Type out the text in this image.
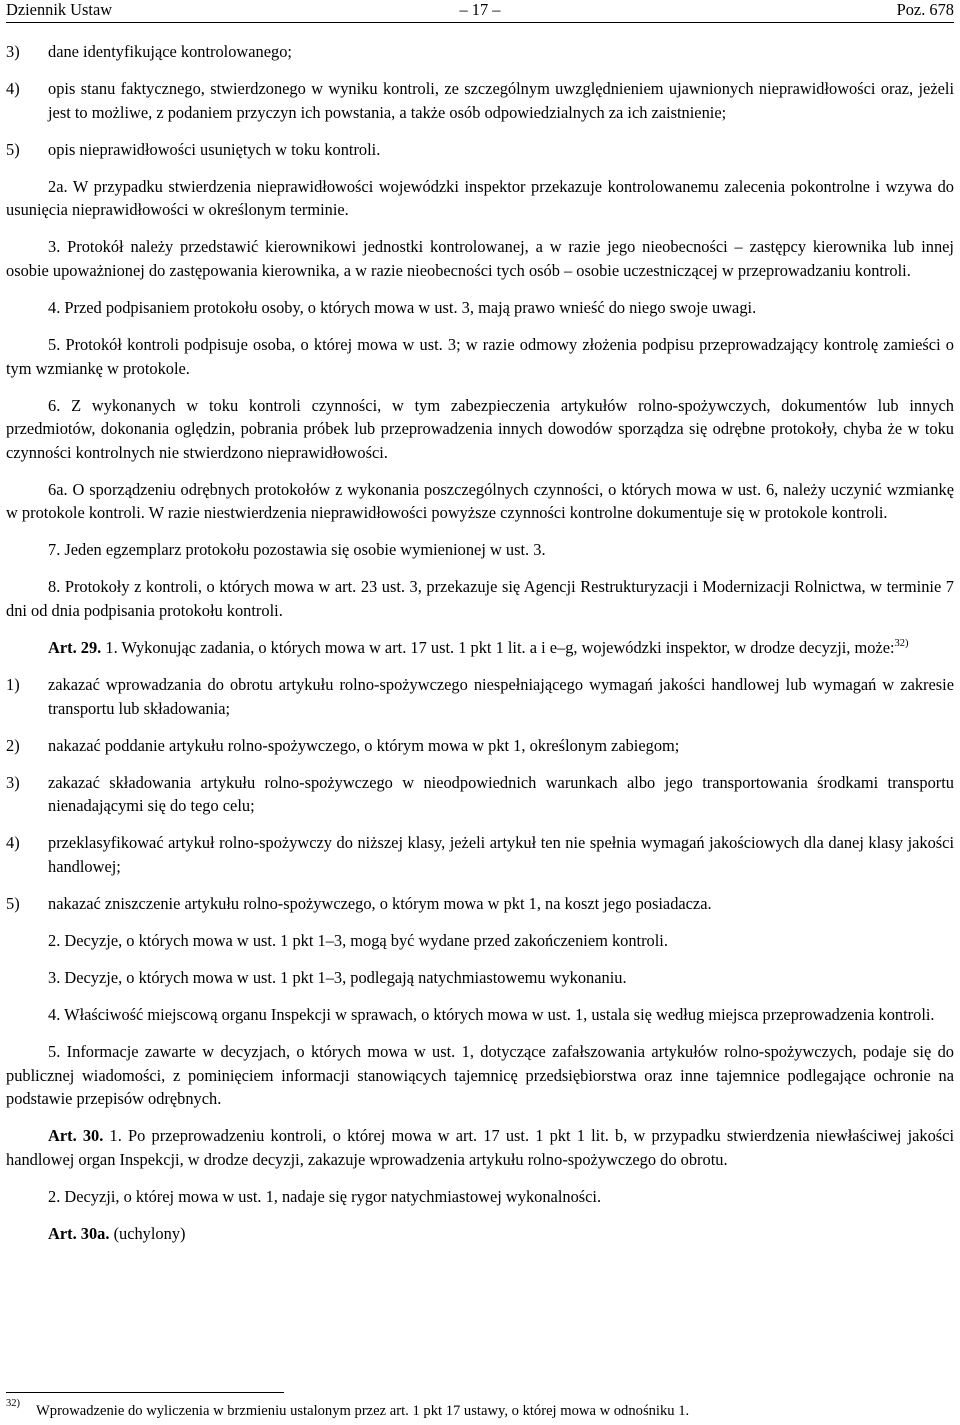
Dziennik Ustaw	– 17 –	Poz. 678

3) dane identyfikujące kontrolowanego;

4) opis stanu faktycznego, stwierdzonego w wyniku kontroli, ze szczególnym uwzględnieniem ujawnionych nieprawidłowości oraz, jeżeli jest to możliwe, z podaniem przyczyn ich powstania, a także osób odpowiedzialnych za ich zaistnienie;

5) opis nieprawidłowości usuniętych w toku kontroli.

2a. W przypadku stwierdzenia nieprawidłowości wojewódzki inspektor przekazuje kontrolowanemu zalecenia pokontrolne i wzywa do usunięcia nieprawidłowości w określonym terminie.

3. Protokół należy przedstawić kierownikowi jednostki kontrolowanej, a w razie jego nieobecności – zastępcy kierownika lub innej osobie upoważnionej do zastępowania kierownika, a w razie nieobecności tych osób – osobie uczestniczącej w przeprowadzaniu kontroli.

4. Przed podpisaniem protokołu osoby, o których mowa w ust. 3, mają prawo wnieść do niego swoje uwagi.

5. Protokół kontroli podpisuje osoba, o której mowa w ust. 3; w razie odmowy złożenia podpisu przeprowadzający kontrolę zamieści o tym wzmiankę w protokole.

6. Z wykonanych w toku kontroli czynności, w tym zabezpieczenia artykułów rolno-spożywczych, dokumentów lub innych przedmiotów, dokonania oględzin, pobrania próbek lub przeprowadzenia innych dowodów sporządza się odrębne protokoły, chyba że w toku czynności kontrolnych nie stwierdzono nieprawidłowości.

6a. O sporządzeniu odrębnych protokołów z wykonania poszczególnych czynności, o których mowa w ust. 6, należy uczynić wzmiankę w protokole kontroli. W razie niestwierdzenia nieprawidłowości powyższe czynności kontrolne dokumentuje się w protokole kontroli.

7. Jeden egzemplarz protokołu pozostawia się osobie wymienionej w ust. 3.

8. Protokoły z kontroli, o których mowa w art. 23 ust. 3, przekazuje się Agencji Restrukturyzacji i Modernizacji Rolnictwa, w terminie 7 dni od dnia podpisania protokołu kontroli.

Art. 29. 1. Wykonując zadania, o których mowa w art. 17 ust. 1 pkt 1 lit. a i e–g, wojewódzki inspektor, w drodze decyzji, może:$^{32)}$

1) zakazać wprowadzania do obrotu artykułu rolno-spożywczego niespełniającego wymagań jakości handlowej lub wymagań w zakresie transportu lub składowania;

2) nakazać poddanie artykułu rolno-spożywczego, o którym mowa w pkt 1, określonym zabiegom;

3) zakazać składowania artykułu rolno-spożywczego w nieodpowiednich warunkach albo jego transportowania środkami transportu nienadającymi się do tego celu;

4) przeklasyfikować artykuł rolno-spożywczy do niższej klasy, jeżeli artykuł ten nie spełnia wymagań jakościowych dla danej klasy jakości handlowej;

5) nakazać zniszczenie artykułu rolno-spożywczego, o którym mowa w pkt 1, na koszt jego posiadacza.

2. Decyzje, o których mowa w ust. 1 pkt 1–3, mogą być wydane przed zakończeniem kontroli.

3. Decyzje, o których mowa w ust. 1 pkt 1–3, podlegają natychmiastowemu wykonaniu.

4. Właściwość miejscową organu Inspekcji w sprawach, o których mowa w ust. 1, ustala się według miejsca przeprowadzenia kontroli.

5. Informacje zawarte w decyzjach, o których mowa w ust. 1, dotyczące zafałszowania artykułów rolno-spożywczych, podaje się do publicznej wiadomości, z pominięciem informacji stanowiących tajemnicę przedsiębiorstwa oraz inne tajemnice podlegające ochronie na podstawie przepisów odrębnych.

Art. 30. 1. Po przeprowadzeniu kontroli, o której mowa w art. 17 ust. 1 pkt 1 lit. b, w przypadku stwierdzenia niewłaściwej jakości handlowej organ Inspekcji, w drodze decyzji, zakazuje wprowadzenia artykułu rolno-spożywczego do obrotu.

2. Decyzji, o której mowa w ust. 1, nadaje się rygor natychmiastowej wykonalności.

Art. 30a. (uchylony)

32) Wprowadzenie do wyliczenia w brzmieniu ustalonym przez art. 1 pkt 17 ustawy, o której mowa w odnośniku 1.
